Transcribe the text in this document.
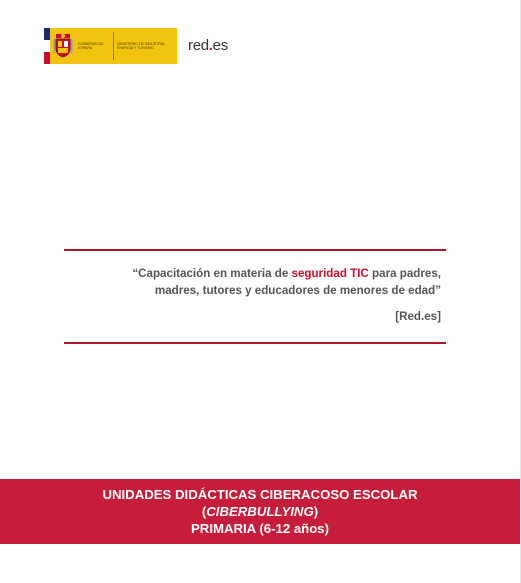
GOBIERNO DE ESPAÑA
MINISTERIO DE INDUSTRIA, ENERGÍA Y TURISMO	red.es
“Capacitación en materia de seguridad TIC para padres,
madres, tutores y educadores de menores de edad”
[Red.es]
UNIDADES DIDÁCTICAS CIBERACOSO ESCOLAR
(CIBERBULLYING)
PRIMARIA (6-12 años)
